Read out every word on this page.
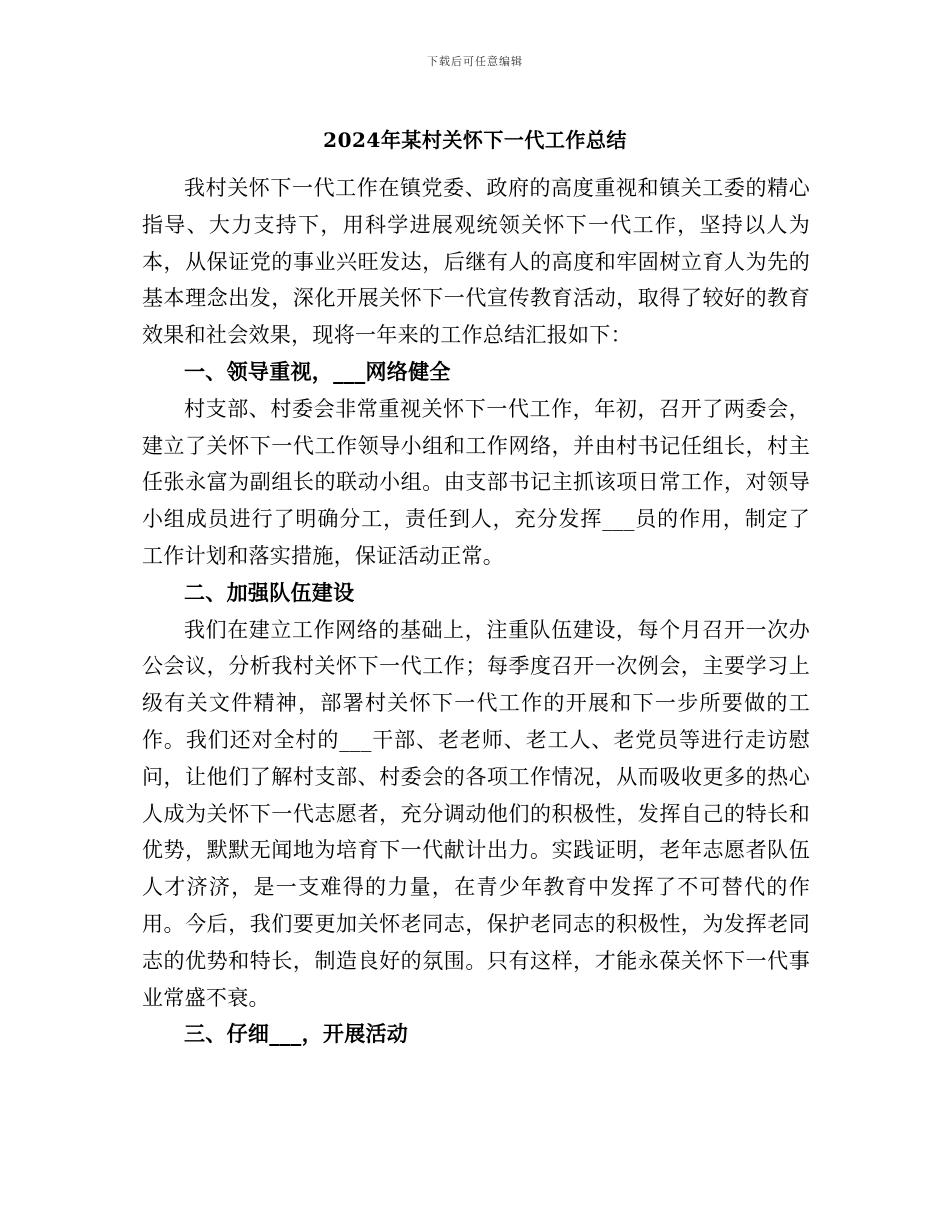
下载后可任意编辑
2024年某村关怀下一代工作总结

我村关怀下一代工作在镇党委、政府的高度重视和镇关工委的精心指导、大力支持下，用科学进展观统领关怀下一代工作，坚持以人为本，从保证党的事业兴旺发达，后继有人的高度和牢固树立育人为先的基本理念出发，深化开展关怀下一代宣传教育活动，取得了较好的教育效果和社会效果，现将一年来的工作总结汇报如下：

一、领导重视，___网络健全

村支部、村委会非常重视关怀下一代工作，年初，召开了两委会，建立了关怀下一代工作领导小组和工作网络，并由村书记任组长，村主任张永富为副组长的联动小组。由支部书记主抓该项日常工作，对领导小组成员进行了明确分工，责任到人，充分发挥___员的作用，制定了工作计划和落实措施，保证活动正常。

二、加强队伍建设

我们在建立工作网络的基础上，注重队伍建设，每个月召开一次办公会议，分析我村关怀下一代工作；每季度召开一次例会，主要学习上级有关文件精神，部署村关怀下一代工作的开展和下一步所要做的工作。我们还对全村的___干部、老老师、老工人、老党员等进行走访慰问，让他们了解村支部、村委会的各项工作情况，从而吸收更多的热心人成为关怀下一代志愿者，充分调动他们的积极性，发挥自己的特长和优势，默默无闻地为培育下一代献计出力。实践证明，老年志愿者队伍人才济济，是一支难得的力量，在青少年教育中发挥了不可替代的作用。今后，我们要更加关怀老同志，保护老同志的积极性，为发挥老同志的优势和特长，制造良好的氛围。只有这样，才能永葆关怀下一代事业常盛不衰。

三、仔细___，开展活动
